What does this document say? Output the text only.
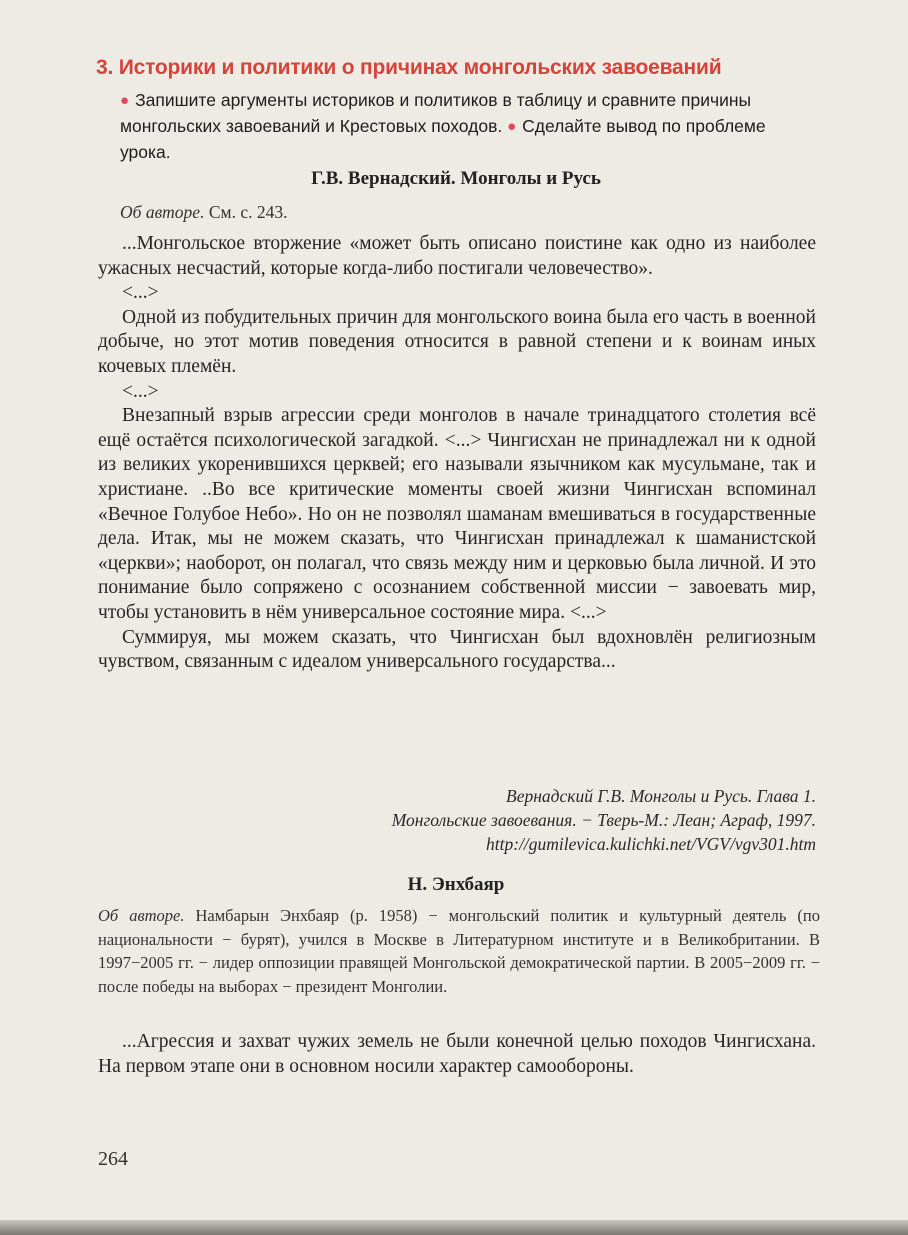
3. Историки и политики о причинах монгольских завоеваний
● Запишите аргументы историков и политиков в таблицу и сравните причины монгольских завоеваний и Крестовых походов. ● Сделайте вывод по проблеме урока.
Г.В. Вернадский. Монголы и Русь
Об авторе. См. с. 243.

...Монгольское вторжение «может быть описано поистине как одно из наиболее ужасных несчастий, которые когда-либо постигали человечество».

<...>

Одной из побудительных причин для монгольского воина была его часть в военной добыче, но этот мотив поведения относится в равной степени и к воинам иных кочевых племён.

<...>

Внезапный взрыв агрессии среди монголов в начале тринадцатого столетия всё ещё остаётся психологической загадкой. <...> Чингисхан не принадлежал ни к одной из великих укоренившихся церквей; его называли язычником как мусульмане, так и христиане. ..Во все критические моменты своей жизни Чингисхан вспоминал «Вечное Голубое Небо». Но он не позволял шаманам вмешиваться в государственные дела. Итак, мы не можем сказать, что Чингисхан принадлежал к шаманистской «церкви»; наоборот, он полагал, что связь между ним и церковью была личной. И это понимание было сопряжено с осознанием собственной миссии − завоевать мир, чтобы установить в нём универсальное состояние мира. <...>

Суммируя, мы можем сказать, что Чингисхан был вдохновлён религиозным чувством, связанным с идеалом универсального государства...

Вернадский Г.В. Монголы и Русь. Глава 1.
Монгольские завоевания. − Тверь-М.: Леан; Аграф, 1997.
http://gumilevica.kulichki.net/VGV/vgv301.htm
Н. Энхбаяр
Об авторе. Намбарын Энхбаяр (р. 1958) − монгольский политик и культурный деятель (по национальности − бурят), учился в Москве в Литературном институте и в Великобритании. В 1997−2005 гг. − лидер оппозиции правящей Монгольской демократической партии. В 2005−2009 гг. − после победы на выборах − президент Монголии.

...Агрессия и захват чужих земель не были конечной целью походов Чингисхана. На первом этапе они в основном носили характер самообороны.

264
